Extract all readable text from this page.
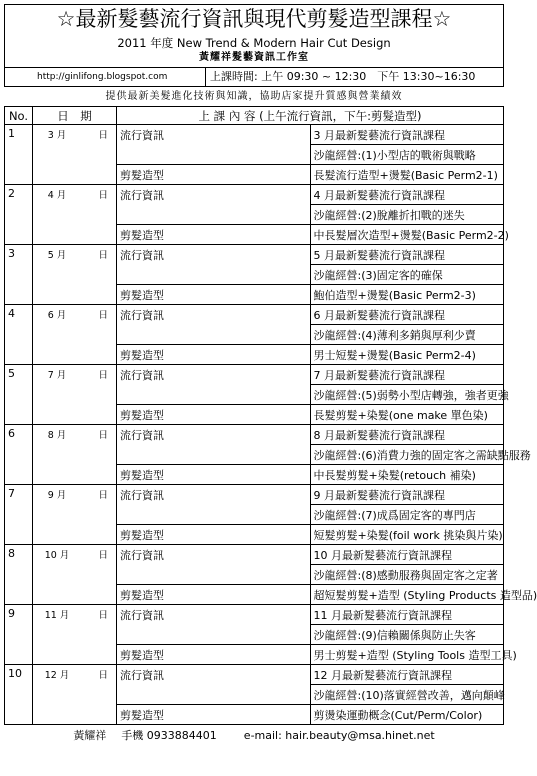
☆最新髮藝流行資訊與現代剪髮造型課程☆
2011 年度 New Trend & Modern Hair Cut Design
黃耀祥髮藝資訊工作室
http://ginlifong.blogspot.com	上課時間: 上午 09:30 ~ 12:30　下午 13:30~16:30
提供最新美髮進化技術與知識，協助店家提升質感與營業績效
No.	日　期	上 課 內 容 (上午流行資訊，下午:剪髮造型)	
1	3 月 日	流行資訊	3 月最新髮藝流行資訊課程
			沙龍經營:(1)小型店的戰術與戰略
		剪髮造型	長髮流行造型+燙髮(Basic Perm2-1)
2	4 月 日	流行資訊	4 月最新髮藝流行資訊課程
			沙龍經營:(2)脫離折扣戰的迷失
		剪髮造型	中長髮層次造型+燙髮(Basic Perm2-2)
3	5 月 日	流行資訊	5 月最新髮藝流行資訊課程
			沙龍經營:(3)固定客的確保
		剪髮造型	鮑伯造型+燙髮(Basic Perm2-3)
4	6 月 日	流行資訊	6 月最新髮藝流行資訊課程
			沙龍經營:(4)薄利多銷與厚利少賣
		剪髮造型	男士短髮+燙髮(Basic Perm2-4)
5	7 月 日	流行資訊	7 月最新髮藝流行資訊課程
			沙龍經營:(5)弱勢小型店轉強，強者更強
		剪髮造型	長髮剪髮+染髮(one make 單色染)
6	8 月 日	流行資訊	8 月最新髮藝流行資訊課程
			沙龍經營:(6)消費力強的固定客之需缺點服務
		剪髮造型	中長髮剪髮+染髮(retouch 補染)
7	9 月 日	流行資訊	9 月最新髮藝流行資訊課程
			沙龍經營:(7)成爲固定客的專門店
		剪髮造型	短髮剪髮+染髮(foil work 挑染與片染)
8	10 月 日	流行資訊	10 月最新髮藝流行資訊課程
			沙龍經營:(8)感動服務與固定客之定著
		剪髮造型	超短髮剪髮+造型 (Styling Products 造型品)
9	11 月 日	流行資訊	11 月最新髮藝流行資訊課程
			沙龍經營:(9)信賴關係與防止失客
		剪髮造型	男士剪髮+造型 (Styling Tools 造型工具)
10	12 月 日	流行資訊	12 月最新髮藝流行資訊課程
			沙龍經營:(10)落實經營改善，邁向顛峰
		剪髮造型	剪燙染運動概念(Cut/Perm/Color)
黃耀祥 手機 0933884401 e-mail: hair.beauty@msa.hinet.net
